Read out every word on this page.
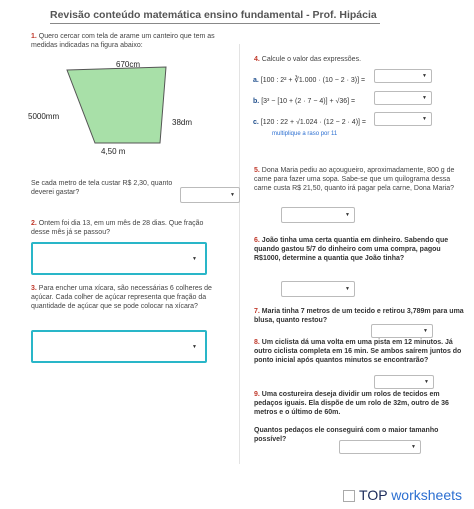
Revisão conteúdo matemática ensino fundamental - Prof. Hipácia
1. Quero cercar com tela de arame um canteiro que tem as medidas indicadas na figura abaixo:
670cm
5000mm
38dm
4,50 m
Se cada metro de tela custar R$ 2,30, quanto deverei gastar?	▼
2. Ontem foi dia 13, em um mês de 28 dias. Que fração desse mês já se passou?
▼
3. Para encher uma xícara, são necessárias 6 colheres de açúcar. Cada colher de açúcar representa que fração da quantidade de açúcar que se pode colocar na xícara?
▼
4. Calcule o valor das expressões.
a. [100 : 2² + ∛1.000 · (10 − 2 · 3)] =
▼
b. [3³ − [10 + (2 · 7 − 4)] + √36] =	▼
c. [120 : 22 + √1.024 · (12 − 2 · 4)] =	▼
multiplique a raso por 11
5. Dona Maria pediu ao açougueiro, aproximadamente, 800 g de carne para fazer uma sopa. Sabe-se que um quilograma dessa carne custa R$ 21,50, quanto irá pagar pela carne, Dona Maria?
▼
6. João tinha uma certa quantia em dinheiro. Sabendo que quando gastou 5/7 do dinheiro com uma compra, pagou R$1000, determine a quantia que João tinha?
▼
7. Maria tinha 7 metros de um tecido e retirou 3,789m para uma blusa, quanto restou?
▼
8. Um ciclista dá uma volta em uma pista em 12 minutos. Já outro ciclista completa em 16 min. Se ambos saírem juntos do ponto inicial após quantos minutos se encontrarão?
▼
9. Uma costureira deseja dividir um rolos de tecidos em pedaços iguais. Ela dispõe de um rolo de 32m, outro de 36 metros e o último de 60m.
Quantos pedaços ele conseguirá com o maior tamanho possível?
▼
TOP worksheets
